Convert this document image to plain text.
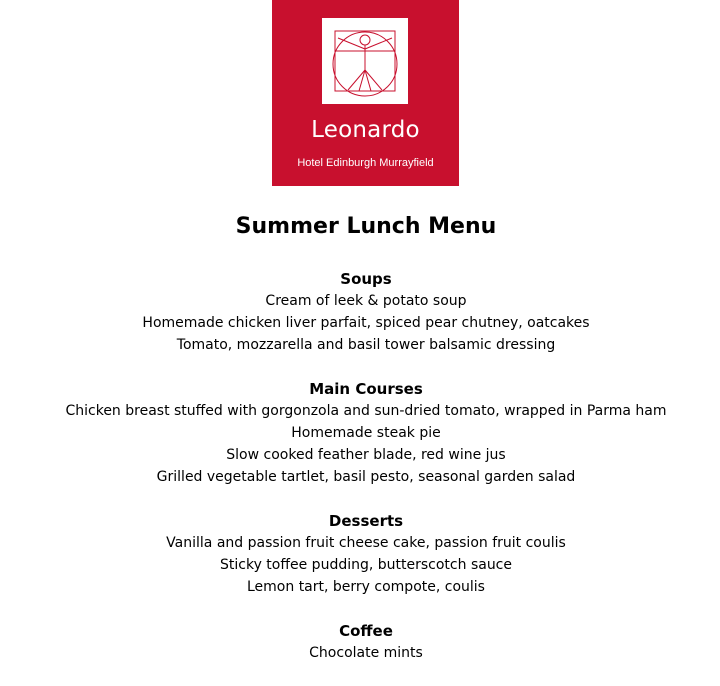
Leonardo
Hotel Edinburgh Murrayfield
Summer Lunch Menu

Soups

Cream of leek & potato soup

Homemade chicken liver parfait, spiced pear chutney, oatcakes

Tomato, mozzarella and basil tower balsamic dressing

Main Courses

Chicken breast stuffed with gorgonzola and sun-dried tomato, wrapped in Parma ham

Homemade steak pie

Slow cooked feather blade, red wine jus

Grilled vegetable tartlet, basil pesto, seasonal garden salad

Desserts

Vanilla and passion fruit cheese cake, passion fruit coulis

Sticky toffee pudding, butterscotch sauce

Lemon tart, berry compote, coulis

Coffee

Chocolate mints
